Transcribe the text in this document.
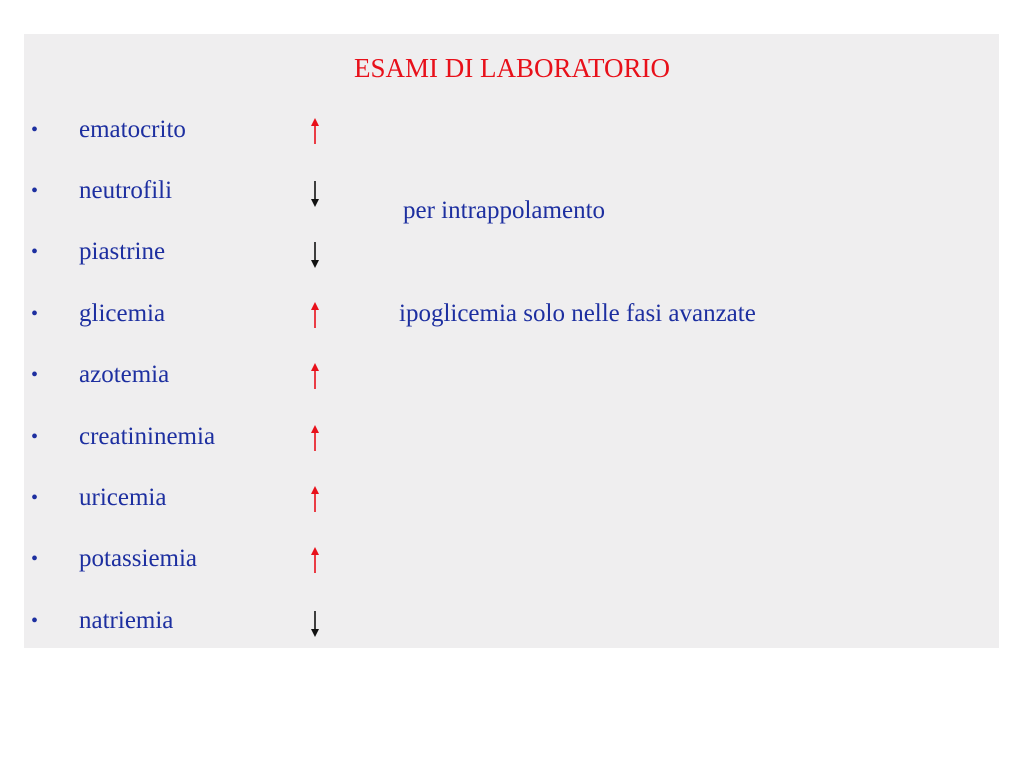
ESAMI DI LABORATORIO
• ematocrito
• neutrofili
• piastrine
• glicemia
• azotemia
• creatininemia
• uricemia
• potassiemia
• natriemia
per intrappolamento
ipoglicemia solo nelle fasi avanzate
